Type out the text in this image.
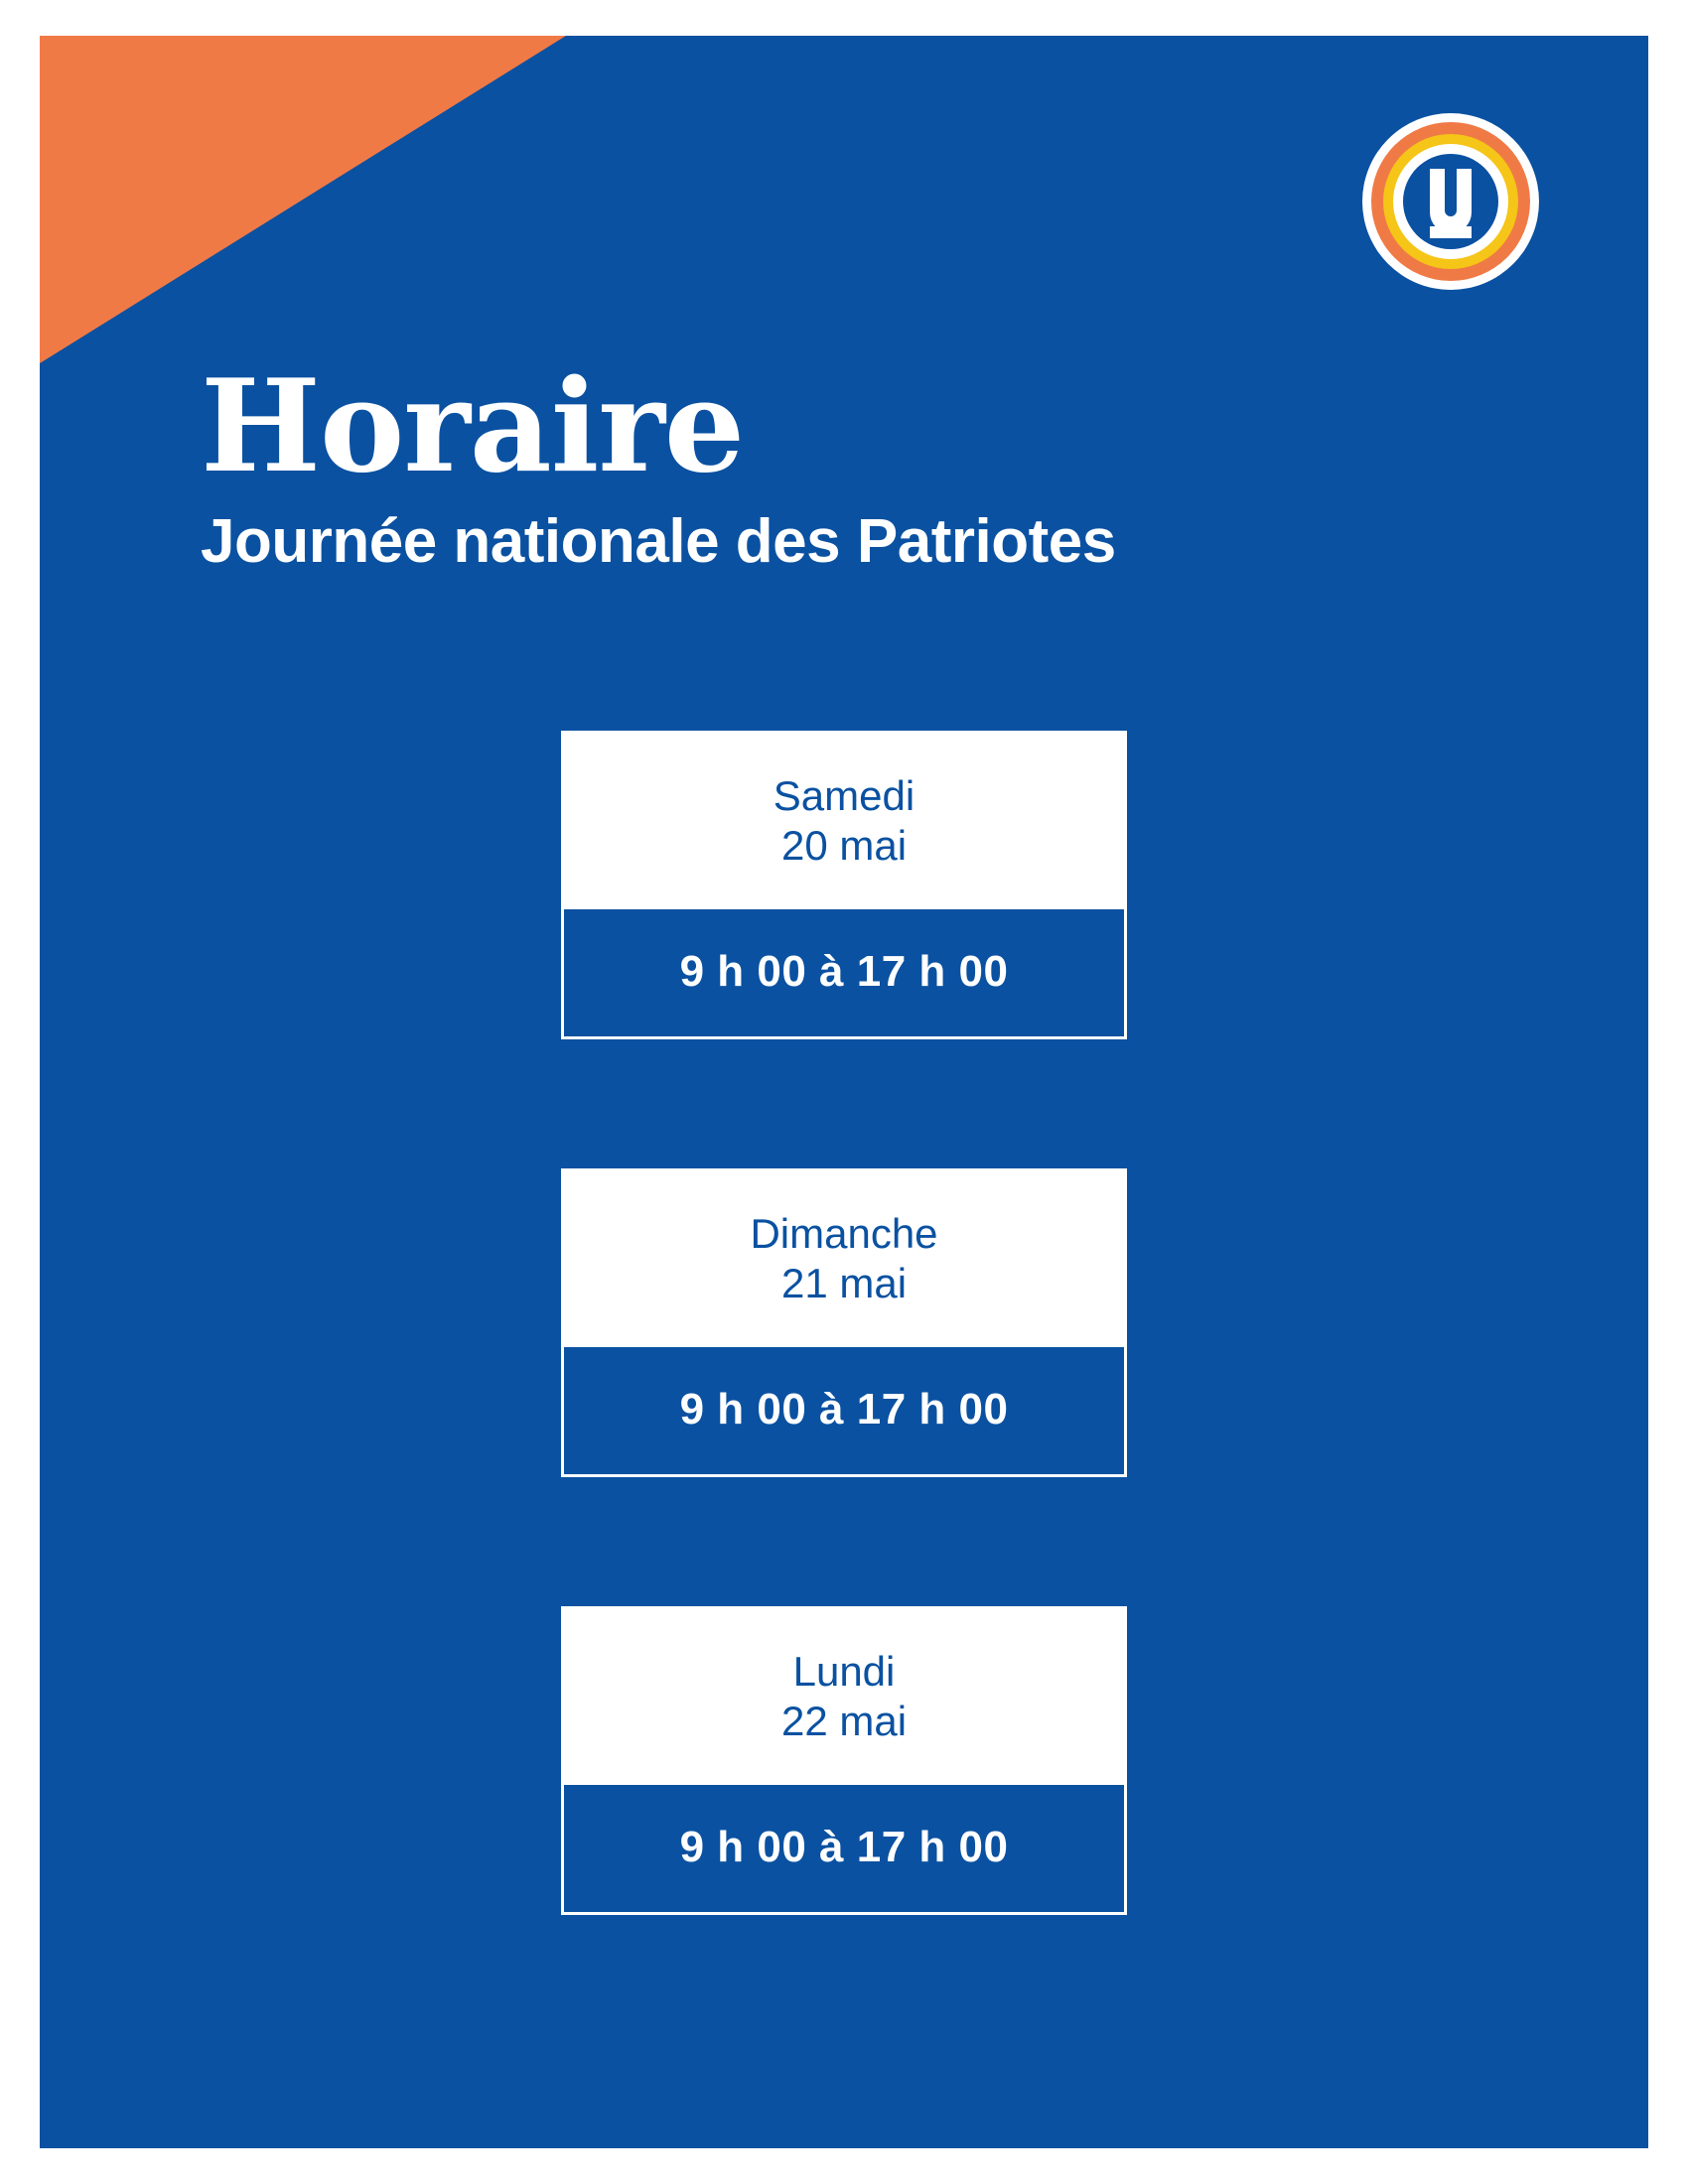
Horaire
Journée nationale des Patriotes
Samedi
20 mai
9 h 00 à 17 h 00
Dimanche
21 mai
9 h 00 à 17 h 00
Lundi
22 mai
9 h 00 à 17 h 00
